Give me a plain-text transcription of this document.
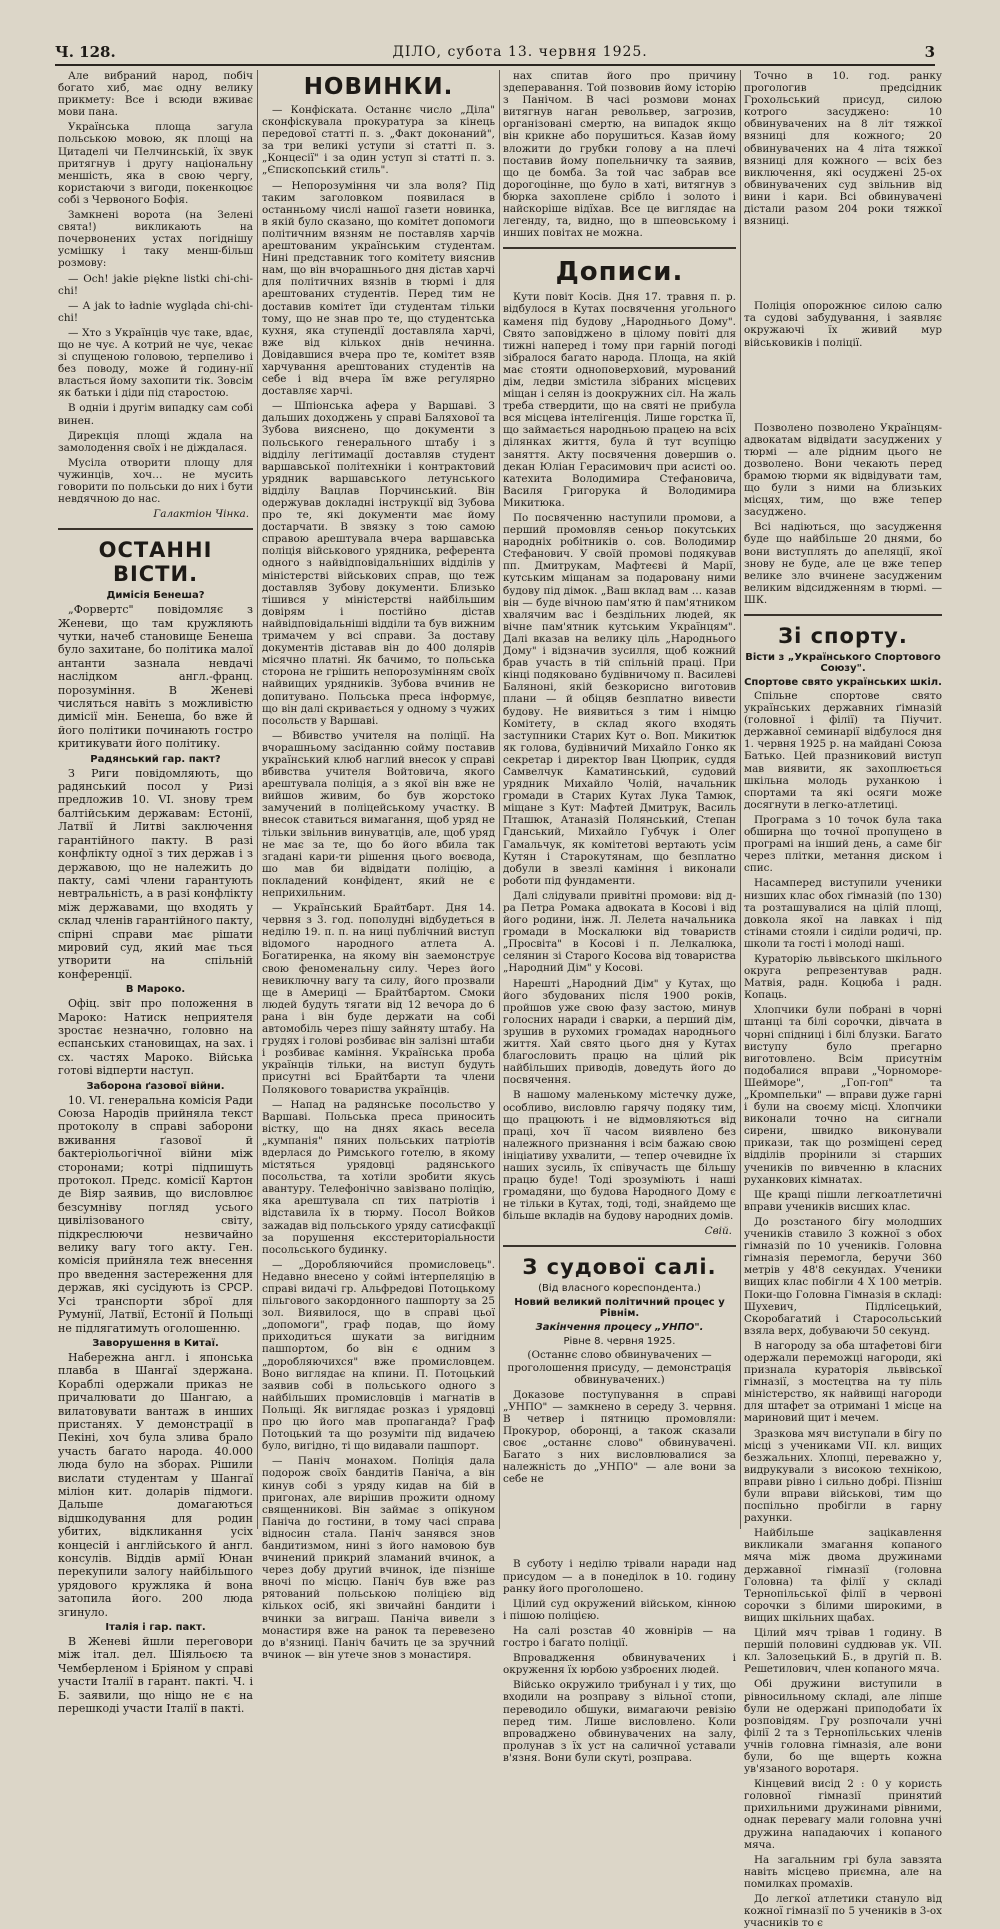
Ч. 128.	ДІЛО, субота 13. червня 1925.	3

Але вибраний народ, побіч богато хиб, має одну велику прикмету: Все і всюди вживає мови пана.

Українська площа загула польською мовою, як площі на Цитаделі чи Пелчинській, їх звук притягнув і другу національну меншість, яка в свою чергу, користаючи з вигоди, покенкоцює собі з Червоного Бофія.

Замкнені ворота (на Зелені свята!) викликають на почервонених устах погіднішу усмішку і таку менш-більш розмову:

— Och! jakie piękne listki chi-chi-chi!

— A jak to ładnie wygląda chi-chi-chi!

— Хто з Українців чує таке, вдає, що не чує. А котрий не чує, чекає зі спущеною головою, терпеливо і без поводу, може й годину-нії власться йому захопити тік. Зовсім як батьки і діди під старостою.

В одніи і другім випадку сам собі винен.

Дирекція площі ждала на замолодення своїх і не діждалася.

Мусіла отворити площу для чужинців, хоч… не мусить говорити по польськи до них і бути невдячною до нас.

Галактіон Чінка.
ОСТАННІ ВІСТИ.
Димісія Бенеша?

„Форвертс" повідомляє з Женеви, що там кружляють чутки, начеб становище Бенеша було захитане, бо політика малої антанти зазнала невдачі наслідком англ.-франц. порозуміння. В Женеві числяться навіть з можливістю димісії мін. Бенеша, бо вже й його політики починають гостро критикувати його політику.

Радянський гар. пакт?

З Риги повідомляють, що радянський посол у Ризі предложив 10. VI. знову трем балтійським державам: Естонії, Латвії й Литві заключення гарантійного пакту. В разі конфлікту одної з тих держав і з державою, що не належить до пакту, самі члени гарантують невтральність, а в разі конфлікту між державами, що входять у склад членів гарантійного пакту, спірні справи має рішати мировий суд, який має ться утворити на спільній конференції.

В Мароко.

Офіц. звіт про положення в Мароко: Натиск неприятеля зростає незначно, головно на еспанських становищах, на зах. і сх. частях Мароко. Війська готові відперти наступ.

Заборона ґазової війни.

10. VI. генеральна комісія Ради Союза Народів прийняла текст протоколу в справі заборони вживання ґазової й бактеріольогічної війни між сторонами; котрі підпишуть протокол. Предс. комісії Картон де Віяр заявив, що висловлює безсумніву погляд усього цивілізованого світу, підкреслюючи незвичайно велику вагу того акту. Ген. комісія прийняла теж внесення про введення застереження для держав, які сусідують із СРСР. Усі транспорти зброї для Румунії, Латвії, Естонії й Польщі не підлягатимуть оголошенню.

Заворушення в Китаї.

Набережна англ. і японська плавба в Шангаї здержана. Кораблі одержали приказ не причалювати до Шангаю, а вилатовувати вантаж в инших пристанях. У демонстрації в Пекіні, хоч була злива брало участь багато народа. 40.000 люда було на зборах. Рішили вислати студентам у Шангаї міліон кит. доларів підмоги. Дальше домагаються відшкодування для родин убитих, відкликання усіх концесій і англійського й англ. консулів. Віддів армії Юнан перекупили залогу найбільшого урядового кружляка й вона затопила його. 200 люда згинуло.

Італія і гар. пакт.

В Женеві йшли переговори між італ. дел. Шіяльоєю та Чемберленом і Бріяном у справі участи Італії в гарант. пакті. Ч. і Б. заявили, що ніщо не є на перешкоді участи Італії в пакті.

НОВИНКИ.

— Конфіската. Останнє число „Діла" сконфіскувала прокуратура за кінець передової статті п. з. „Факт доконаний", за три великі уступи зі статті п. з. „Концесії" і за один уступ зі статті п. з. „Єпископський стиль".

— Непорозуміння чи зла воля? Під таким заголовком появилася в останньому числі нашої газети новинка, в якій було сказано, що комітет допомоги політичним вязням не поставляв харчів арештованим українським студентам. Нині представник того комітету вияснив нам, що він вчорашнього дня дістав харчі для політичних вязнів в тюрмі і для арештованих студентів. Перед тим не доставив комітет їди студентам тільки тому, що не знав про те, що студентська кухня, яка ступендії доставляла харчі, вже від кількох днів нечинна. Довідавшися вчера про те, комітет взяв харчування арештованих студентів на себе і від вчера їм вже регулярно доставляє харчі.

— Шпіонська афера у Варшаві. З дальших доходжень у справі Баляхової та Зубова вияснено, що документи з польського генерального штабу і з відділу легітимації доставляв студент варшавської політехніки і контрактовий урядник варшавського летунського відділу Вацлав Порчинський. Він одержував докладні інструкції від Зубова про те, які документи має йому достарчати. В звязку з тою самою справою арештувала вчера варшавська поліція військового урядника, референта одного з найвідповідальніших відділів у міністерстві військових справ, що теж доставляв Зубову документи. Близько тішився у міністерстві найбільшим довірям і постійно дістав найвідповідальніші відділи та був вижним тримачем у всі справи. За доставу документів діставав він до 400 долярів місячно платні. Як бачимо, то польська сторона не грішить непорозумінням своїх найвищих урядників. Зубова вчинив не допитувано. Польська преса інформує, що він далі скривається у одному з чужих посольств у Варшаві.

— Вбивство учителя на поліції. На вчорашньому засіданню сойму поставив український клюб наглий внесок у справі вбивства учителя Войтовича, якого арештувала поліція, а з якої він вже не вийшов живим, бо був жорстоко замучений в поліцейському участку. В внесок ставиться вимагання, щоб уряд не тільки звільнив винуватців, але, щоб уряд не має за те, що бо його вбила так згадані кари-ти рішення цього воєвода, шо мав би відвідати поліцію, а покладений конфідент, який не є неприхильним.

— Український Брайтбарт. Дня 14. червня з 3. год. пополудні відбудеться в неділю 19. п. п. на ниці публічний виступ відомого народного атлета А. Богатиренка, на якому він заемонструє свою феноменальну силу. Через його невиключну вагу та силу, його прозвали ще в Америці — Брайтбартом. Смоки людей будуть тягати від 12 вечора до 6 рана і він буде держати на собі автомобіль через пішу зайняту штабу. На грудях і голові розбиває він залізні штаби і розбиває каміння. Українська проба українців тільки, на виступ будуть присутні всі Брайтбарти та члени Полякового товариства українців.

— Напад на радянське посольство у Варшаві. Польська преса приносить вістку, що на днях якась весела „кумпанія" пяних польських патріотів вдерлася до Римського готелю, в якому містяться урядовці радянського посольства, та хотіли зробити якусь авантуру. Телефонічно завізвано поліцію, яка арештувала сп тих патріотів і відставила їх в тюрму. Посол Войков зажадав від польського уряду сатисфакції за порушення ексстериторіальности посольського будинку.

— „Доробляючийся промисловець". Недавно внесено у соймі інтерпеляцію в справі видачі гр. Альфредові Потоцькому пільгового закордонного пашпорту за 25 зол. Виявилося, що в справі цьої „допомоги", граф подав, що йому приходиться шукати за вигідним пашпортом, бо він є одним з „доробляючихся" вже промисловцем. Воно виглядає на кпини. П. Потоцький заявив собі в польського одного з найбільших промисловців і магнатів в Польщі. Як виглядає розказ і урядовці про цю його мав пропаганда? Граф Потоцький та що розуміти під видачею було, вигідно, ті що видавали пашпорт.

— Паніч монахом. Поліція дала подорож своїх бандитів Паніча, а він кинув собі з уряду кидав на бій в пригонах, але вирішив прожити одному священникові. Він займає з опікуном Паніча до гостини, в тому часі справа відносин стала. Паніч занявся знов бандитизмом, нині з його намовою був вчинений прикрий зламаний вчинок, а через добу другий вчинок, іде пізніше вночі по місцю. Паніч був вже раз рятований польською поліцією від кількох осіб, які звичайні бандити і вчинки за виграш. Паніча вивели з монастиря вже на ранок та перевезено до в'язниці. Паніч бачить це за зручний вчинок — він утече знов з монастиря.

нах спитав його про причину здеперавання. Той позвовив йому історію з Панічом. В часі розмови монах витягнув наган револьвер, загрозив, організовані смертю, на випадок якщо він крикне або порушиться. Казав йому вложити до грубки голову а на плечі поставив йому попельничку та заявив, що це бомба. За той час забрав все дорогоцінне, що було в хаті, витягнув з бюрка захоплене срібло і золото і найскоріше відїхав. Все це виглядає на легенду, та, видно, що в шпеовському і инших повітах не можна.

Дописи.

Кути повіт Косів. Дня 17. травня п. р. відбулося в Кутах посвячення угольного каменя під будову „Народнього Дому". Свято заповіджено в цілому повіті для тижні наперед і тому при гарній погоді зібралося багато народа. Площа, на якій має стояти одноповерховий, мурований дім, ледви змістила зібраних місцевих міщан і селян із доокружних сіл. На жаль треба ствердити, що на святі не прибула вся місцева інтелігенція. Лише горстка її, що займається народньою працею на всіх ділянках життя, була й тут всупіцю заняття. Акту посвячення довершив о. декан Юліан Герасимович при асисті оо. катехита Володимира Стефановича, Василя Григорука й Володимира Микитюка.

По посвяченню наступили промови, а перший промовляв сеньор покутських народніх робітників о. сов. Володимир Стефанович. У своїй промові подякував пп. Дмитрукам, Мафтеєві й Марії, кутським міщанам за подаровану ними будову під дімок. „Ваш вклад вам … казав він — буде вічною пам'ятю й пам'ятником хвалячим вас і бездільних людей, як вічне пам'ятник кутським Українцям". Далі вказав на велику ціль „Народнього Дому" і відзначив зусилля, щоб кожний брав участь в тій спільній праці. При кінці подяковано будівничому п. Василеві Баляноні, якій безкорисно виготовив плани — й обіцяв безплатно вивести будову. Не виявиться з тим і німцю Комітету, в склад якого входять заступники Старих Кут о. Воп. Микитюк як голова, будівничий Михайло Гонко як секретар і директор Іван Цюприк, суддя Самвелчук Каматинський, судовий урядник Михайло Чолій, начальник громади в Старих Кутах Лука Тамюк, міщане з Кут: Мафтей Дмитрук, Василь Пташюк, Атаназій Полянський, Степан Гданський, Михайло Губчук і Олег Гамальчук, як комітетові вертають усім Кутян і Старокутянам, що безплатно добули в звезлі каміння і виконали роботи під фундаменти.

Далі слідували привітні промови: від д-ра Петра Ромака адвоката в Косові і від його родини, інж. Л. Лелета начальника громади в Москалюки від товариств „Просвіта" в Косові і п. Лелкалюка, селянин зі Старого Косова від товариства „Народний Дім" у Косові.

Нарешті „Народний Дім" у Кутах, що його збудованих після 1900 років, пройшов уже свою фазу застою, минув голосних наради і сварки, а перший дім, зрушив в рухомих громадах народнього життя. Хай свято цього дня у Кутах благословить працю на цілий рік найбільших приводів, доведуть його до посвячення.

В нашому маленькому містечку дуже, особливо, висловлю гарячу подяку тим, що працюють і не відмовляються від праці, хоч її часом виявлено без належного признання і всім бажаю свою ініціативу ухвалити, — тепер очевидне їх наших зусиль, їх співучасть ще більшу працю буде! Тоді зрозуміють і наші громадяни, що будова Народного Дому є не тільки в Кутах, тоді, тоді, знайдемо ще більше вкладів на будову народних домів.

Свій.
З судової салі.
(Від власного кореспондента.)
Новий великий політичний процес у Рівнім.
Закінчення процесу „УНПО".
Рівне 8. червня 1925.

(Останнє слово обвинувачених — проголошення присуду, — демонстрація обвинувачених.)

Доказове поступування в справі „УНПО" — замкнено в середу 3. червня. В четвер і пятницю промовляли: Прокурор, оборонці, а також сказали своє „останнє слово" обвинувачені. Багато з них висловлювалися за належність до „УНПО" — але вони за себе не

В суботу і неділю трівали наради над присудом — а в понеділок в 10. годину ранку його проголошено.

Цілий суд окружений військом, кінною і пішою поліцією.

На салі розстав 40 жовнірів — на гостро і багато поліції.

Впровадження обвинувачених і окруження їх юрбою узброєних людей.

Військо окружило трибунал і у тих, що входили на розправу з вільної стопи, переводило обшуки, вимагаючи ревізію перед тим. Лише висловлено. Коли впроваджено обвинувачених на залу, пролунав з їх уст на саличної уставали в'язня. Вони були скуті, розправа.

Точно в 10. год. ранку прогологив предсідник Грохольський присуд, силою котрого засуджено: 10 обвинувачених на 8 літ тяжкої вязниці для кожного; 20 обвинувачених на 4 літа тяжкої вязниці для кожного — всіх без виключення, які осуджені 25-ох обвинувачених суд звільнив від вини і кари. Всі обвинувачені дістали разом 204 роки тяжкої вязниці.

Поліція опорожнює силою салю та судові забудування, і заявляє окружаючі їх живий мур військовиків і поліції.

Позволено позволено Українцям-адвокатам відвідати засуджених у тюрмі — але рідним цього не дозволено. Вони чекають перед брамою тюрми як відвідувати там, що були з ними на близьких місцях, тим, що вже тепер засуджено.

Всі надіються, що засудження буде що найбільше 20 днями, бо вони виступлять до апеляції, якої знову не буде, але це вже тепер велике зло вчинене засудженим великим відсидженням в тюрмі. — ШК.

Зі спорту.
Вісти з „Українського Спортового Союзу".
Спортове свято українських шкіл.

Спільне спортове свято українських державних ґімназій (головної і філії) та Піучит. державної семинарії відбулося дня 1. червня 1925 р. на майдані Союза Батько. Цей празниковий виступ мав виявити, як захоплюється шкільна молодь руханкою і спортами та які осяги може досягнути в легко-атлетиці.

Програма з 10 точок була така обширна що точної пропущено в програмі на інший день, а саме біг через плітки, метання диском і спис.

Насамперед виступили ученики низших клас обох ґімназій (по 130) та розташувалися на цілій площі, довкола якої на лавках і під стінами стояли і сиділи родичі, пр. школи та гості і молоді наші.

Кураторію львівського шкільного округа репрезентував радн. Матвія, радн. Коцюба і радн. Копаць.

Хлопчики були побрані в чорні штанці та білі сорочки, дівчата в чорні спідниці і білі блузки. Багато виступу було прегарно виготовлено. Всім присутнім подобалися вправи „Чорноморе-Шейморе", „Гоп-гоп" та „Кромпельки" — вправи дуже гарні і були на своєму місці. Хлопчики виконали точно на сигнали сирени, швидко виконували прикази, так що розміщені серед відділів прорінили зі старших учеників по вивченню в класних руханкових кімнатах.

Ще кращі пішли легкоатлетичні вправи учеників висших клас.

До розстаного бігу молодших учеників ставило 3 кожної з обох гімназій по 10 учеників. Головна гімназія перемогла, беручи 360 метрів у 48'8 секундах. Ученики вищих клас побігли 4 X 100 метрів. Поки-що Головна Гімназія в складі: Шухевич, Підлісецький, Скоробагатий і Старосольський взяла верх, добуваючи 50 секунд.

В нагороду за оба штафетові біги одержали переможці нагороди, які признала кураторія львівської гімназії, з мостецтва на ту піль міністерство, як найвищі нагороди для штафет за отримані 1 місце на мариновий щит і мечем.

Зразкова мяч виступали в бігу по місці з учениками VII. кл. вищих безжальних. Хлопці, переважно у, видрукували з високою технікою, вправи рівно і сильно добрі. Пізніш були вправи військові, тим що поспільно пробігли в гарну рахунки.

Найбільше зацікавлення викликали змагання копаного мяча між двома дружинами державної гімназії (головна Головна) та філії у складі Тернопільської філії в червоні сорочки з білими широкими, в вищих шкільних щабах.

Цілий мяч трівав 1 годину. В першій половині суддював ук. VII. кл. Залозецький Б., в другій п. В. Решетилович, член копаного мяча.

Обі дружини виступили в рівносильному складі, але ліпше були не одержані приподобати їх розповідям. Гру розпочали учні філії 2 та з Тернопільських членів учнів головна гімназія, але вони були, бо ще вщерть кожна ув'язаного воротаря.

Кінцевий висід 2 : 0 у користь головної гімназії принятий прихильними дружинами рівними, однак перевагу мали головна учні дружина нападаючих і копаного мяча.

На загальним грі була завзята навіть місцево приємна, але на помилках промахів.

До легкої атлетики стануло від кожної гімназії по 5 учеників в 3-ох учасників то є
